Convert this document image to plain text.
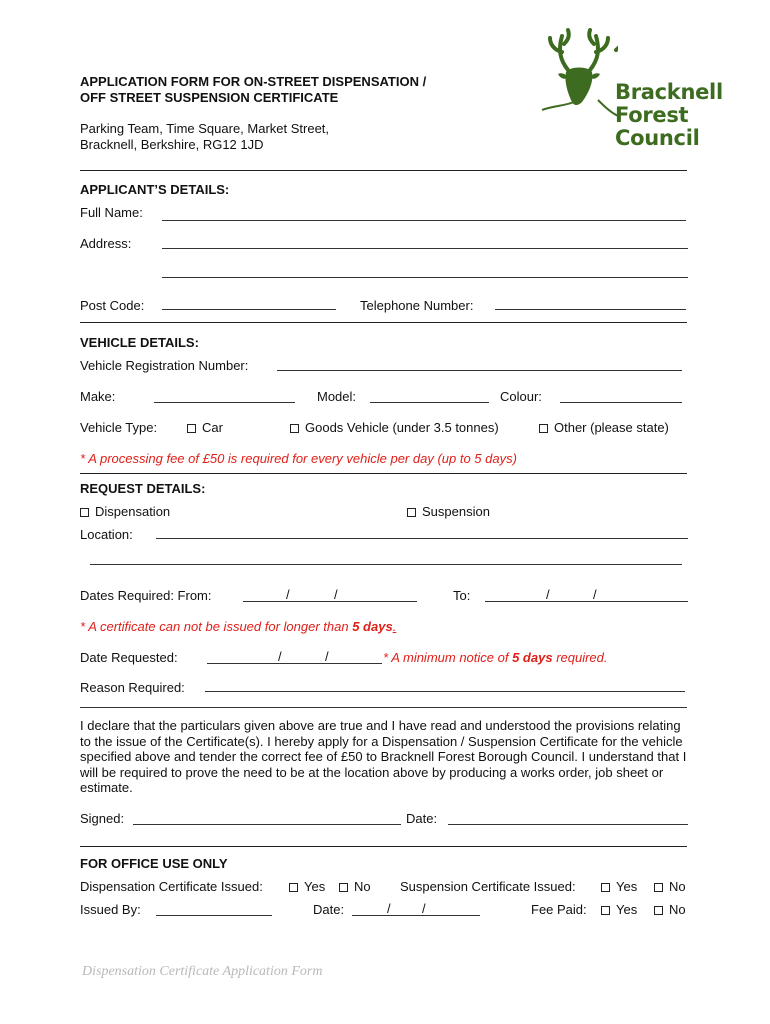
APPLICATION FORM FOR ON-STREET DISPENSATION /
OFF STREET SUSPENSION CERTIFICATE
Parking Team, Time Square, Market Street,
Bracknell, Berkshire, RG12 1JD
Bracknell
Forest
Council
APPLICANT’S DETAILS:
Full Name:
Address:
Post Code:	Telephone Number:
VEHICLE DETAILS:
Vehicle Registration Number:
Make:	Model:	Colour:
Vehicle Type:	Car	Goods Vehicle (under 3.5 tonnes)	Other (please state)
* A processing fee of £50 is required for every vehicle per day (up to 5 days)
REQUEST DETAILS:
Dispensation	Suspension
Location:
Dates Required: From:	/	/	To:	/	/
* A certificate can not be issued for longer than 5 days.
Date Requested:	/	/	* A minimum notice of 5 days required.
Reason Required:
I declare that the particulars given above are true and I have read and understood the provisions relating to the issue of the Certificate(s). I hereby apply for a Dispensation / Suspension Certificate for the vehicle specified above and tender the correct fee of £50 to Bracknell Forest Borough Council. I understand that I will be required to prove the need to be at the location above by producing a works order, job sheet or estimate.
Signed:	Date:
FOR OFFICE USE ONLY
Dispensation Certificate Issued:	Yes	No Suspension Certificate Issued:	Yes	No
Issued By:	Date:	/ /	Fee Paid:	Yes	No
Dispensation Certificate Application Form
